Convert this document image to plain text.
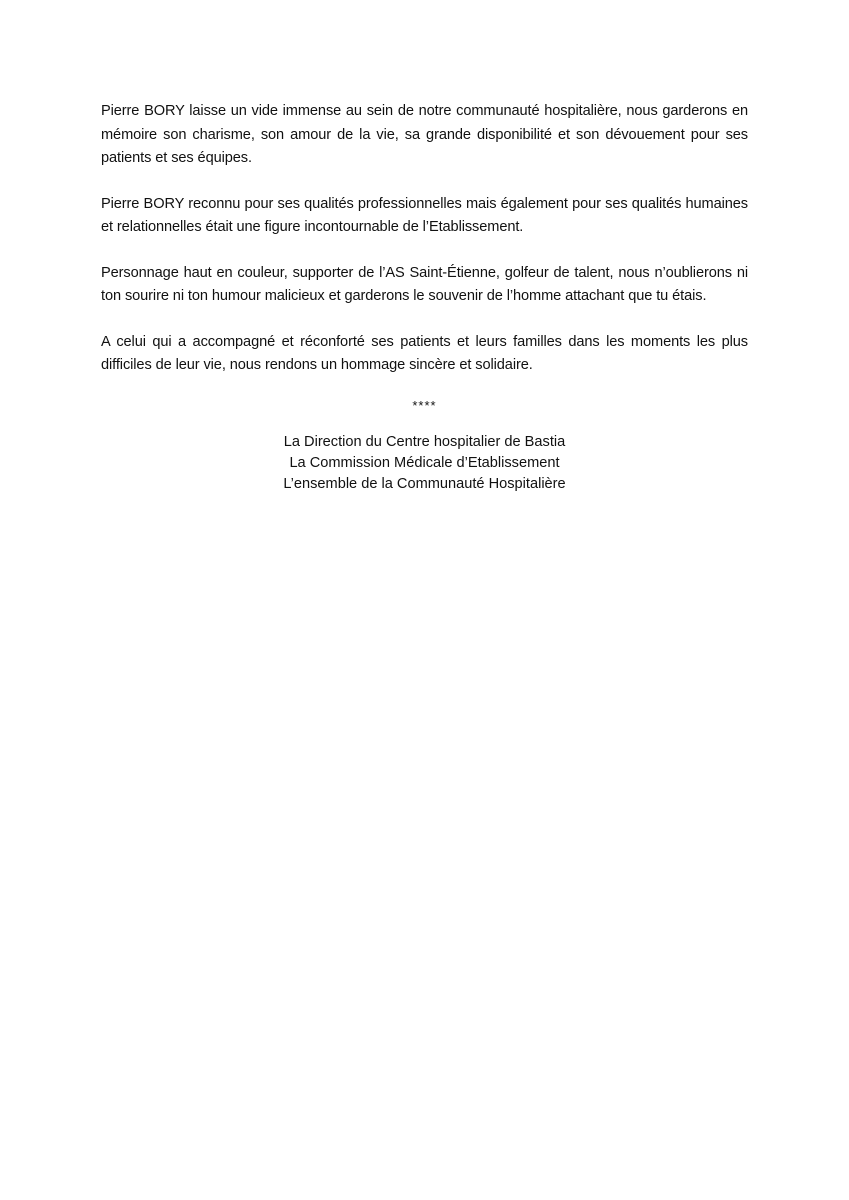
Pierre BORY laisse un vide immense au sein de notre communauté hospitalière, nous garderons en mémoire son charisme, son amour de la vie, sa grande disponibilité et son dévouement pour ses patients et ses équipes.

Pierre BORY reconnu pour ses qualités professionnelles mais également pour ses qualités humaines et relationnelles était une figure incontournable de l’Etablissement.

Personnage haut en couleur, supporter de l’AS Saint-Étienne, golfeur de talent, nous n’oublierons ni ton sourire ni ton humour malicieux et garderons le souvenir de l’homme attachant que tu étais.

A celui qui a accompagné et réconforté ses patients et leurs familles dans les moments les plus difficiles de leur vie, nous rendons un hommage sincère et solidaire.

****
La Direction du Centre hospitalier de Bastia
La Commission Médicale d’Etablissement
L’ensemble de la Communauté Hospitalière
